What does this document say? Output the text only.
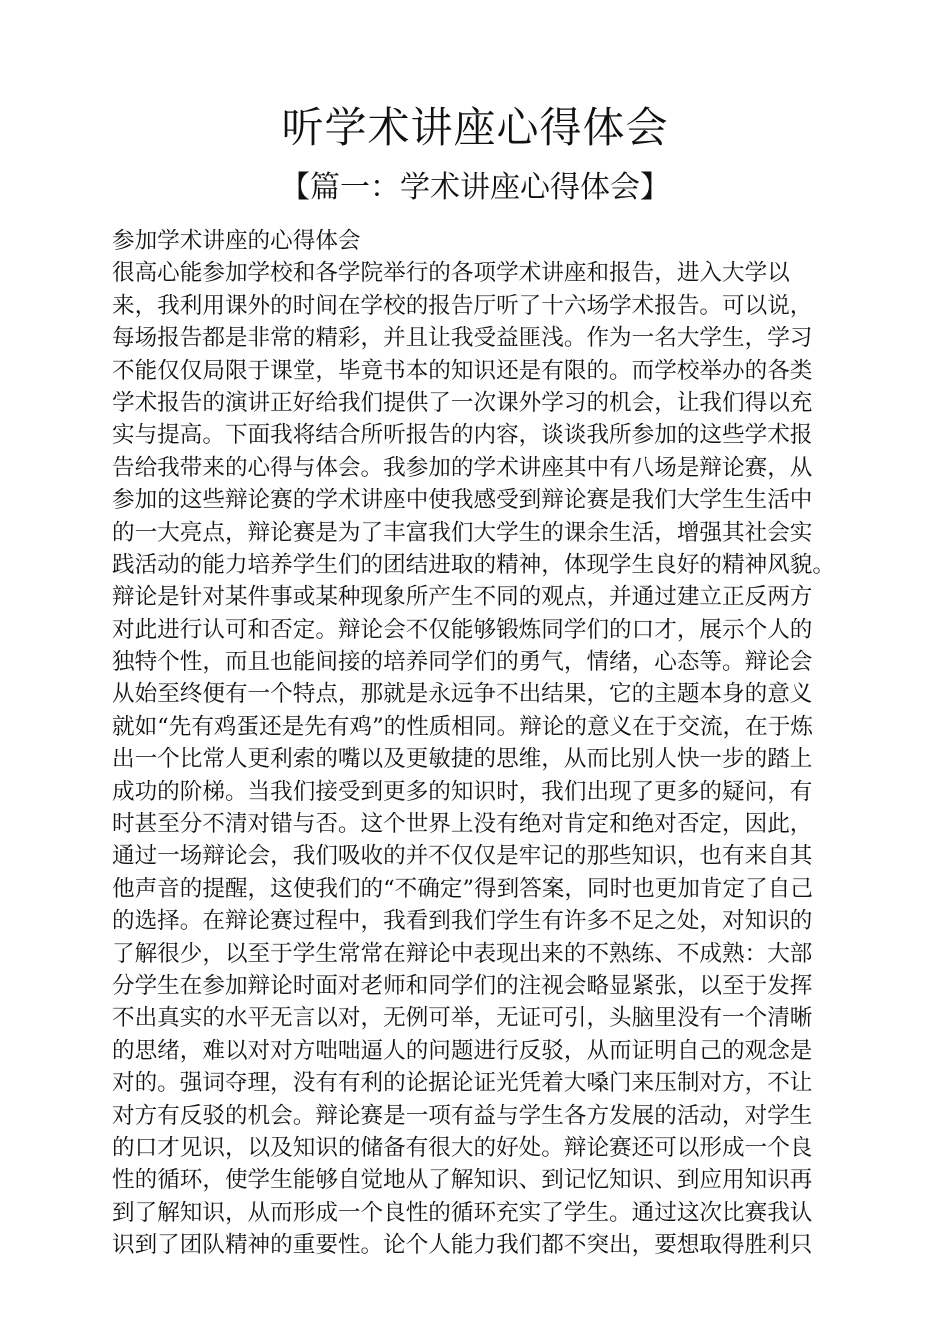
听学术讲座心得体会
【篇一：学术讲座心得体会】
参加学术讲座的心得体会
很高心能参加学校和各学院举行的各项学术讲座和报告，进入大学以
来，我利用课外的时间在学校的报告厅听了十六场学术报告。可以说，
每场报告都是非常的精彩，并且让我受益匪浅。作为一名大学生，学习
不能仅仅局限于课堂，毕竟书本的知识还是有限的。而学校举办的各类
学术报告的演讲正好给我们提供了一次课外学习的机会，让我们得以充
实与提高。下面我将结合所听报告的内容，谈谈我所参加的这些学术报
告给我带来的心得与体会。我参加的学术讲座其中有八场是辩论赛，从
参加的这些辩论赛的学术讲座中使我感受到辩论赛是我们大学生生活中
的一大亮点，辩论赛是为了丰富我们大学生的课余生活，增强其社会实
践活动的能力培养学生们的团结进取的精神，体现学生良好的精神风貌。
辩论是针对某件事或某种现象所产生不同的观点，并通过建立正反两方
对此进行认可和否定。辩论会不仅能够锻炼同学们的口才，展示个人的
独特个性，而且也能间接的培养同学们的勇气，情绪，心态等。辩论会
从始至终便有一个特点，那就是永远争不出结果，它的主题本身的意义
就如“先有鸡蛋还是先有鸡”的性质相同。辩论的意义在于交流，在于炼
出一个比常人更利索的嘴以及更敏捷的思维，从而比别人快一步的踏上
成功的阶梯。当我们接受到更多的知识时，我们出现了更多的疑问，有
时甚至分不清对错与否。这个世界上没有绝对肯定和绝对否定，因此，
通过一场辩论会，我们吸收的并不仅仅是牢记的那些知识，也有来自其
他声音的提醒，这使我们的“不确定”得到答案，同时也更加肯定了自己
的选择。在辩论赛过程中，我看到我们学生有许多不足之处，对知识的
了解很少，以至于学生常常在辩论中表现出来的不熟练、不成熟：大部
分学生在参加辩论时面对老师和同学们的注视会略显紧张，以至于发挥
不出真实的水平无言以对，无例可举，无证可引，头脑里没有一个清晰
的思绪，难以对对方咄咄逼人的问题进行反驳，从而证明自己的观念是
对的。强词夺理，没有有利的论据论证光凭着大嗓门来压制对方，不让
对方有反驳的机会。辩论赛是一项有益与学生各方发展的活动，对学生
的口才见识，以及知识的储备有很大的好处。辩论赛还可以形成一个良
性的循环，使学生能够自觉地从了解知识、到记忆知识、到应用知识再
到了解知识，从而形成一个良性的循环充实了学生。通过这次比赛我认
识到了团队精神的重要性。论个人能力我们都不突出，要想取得胜利只
